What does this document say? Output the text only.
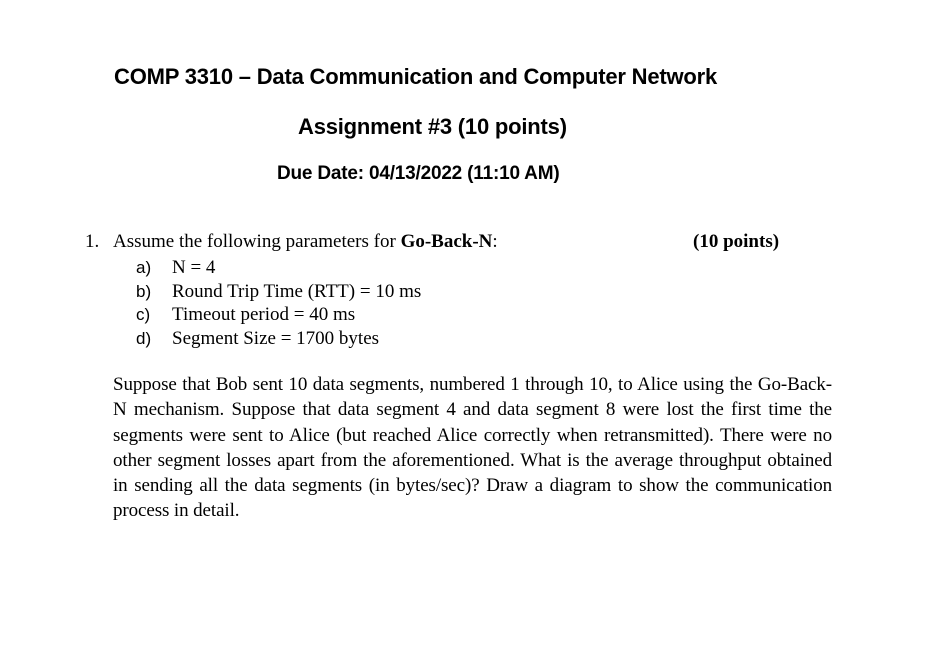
COMP 3310 – Data Communication and Computer Network
Assignment #3 (10 points)
Due Date: 04/13/2022 (11:10 AM)
1. Assume the following parameters for Go-Back-N:	(10 points)
a) N = 4
b) Round Trip Time (RTT) = 10 ms
c) Timeout period = 40 ms
d) Segment Size = 1700 bytes

Suppose that Bob sent 10 data segments, numbered 1 through 10, to Alice using the Go-Back-N mechanism. Suppose that data segment 4 and data segment 8 were lost the first time the segments were sent to Alice (but reached Alice correctly when retransmitted). There were no other segment losses apart from the aforementioned. What is the average throughput obtained in sending all the data segments (in bytes/sec)? Draw a diagram to show the communication process in detail.
